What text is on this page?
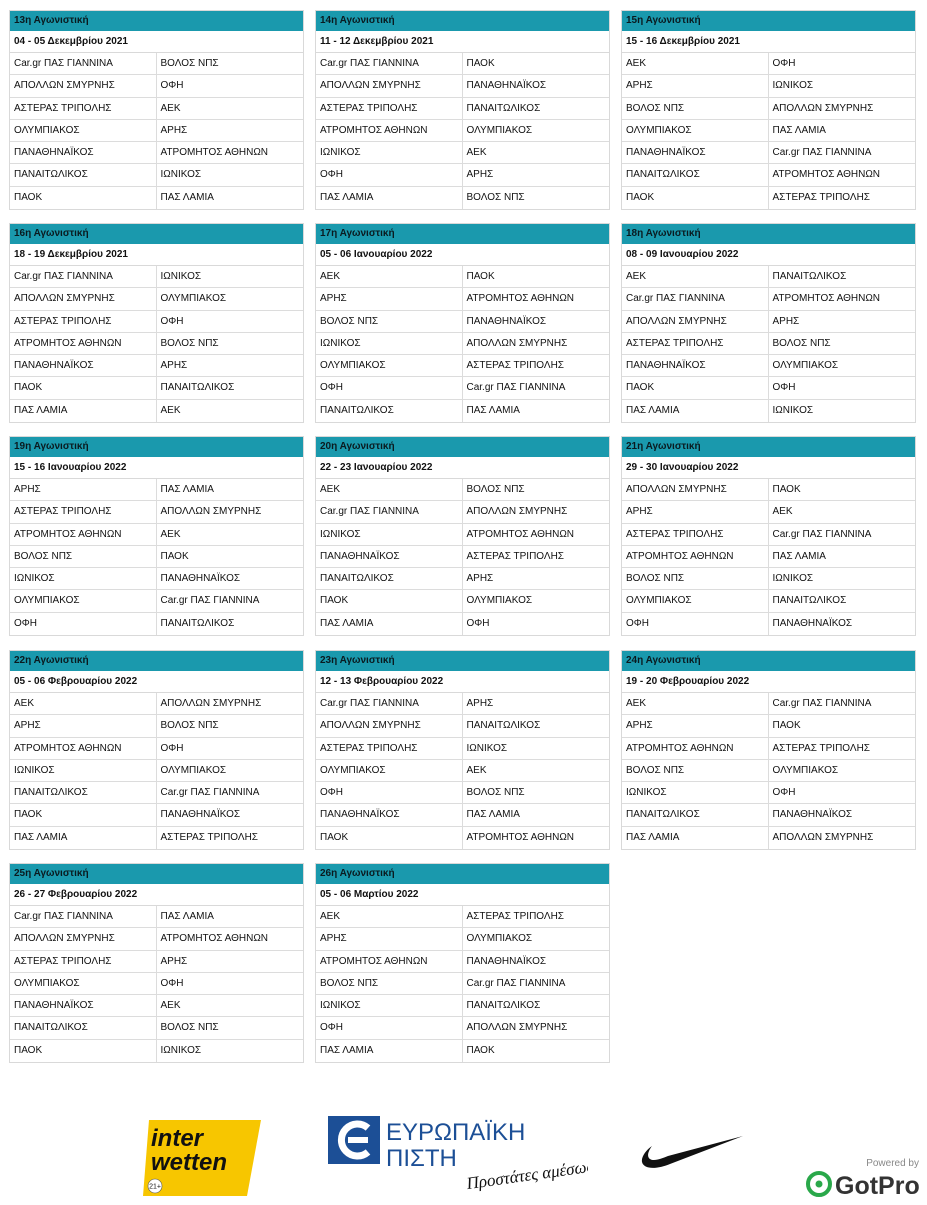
13η Αγωνιστική
04 - 05 Δεκεμβρίου 2021
Car.gr ΠΑΣ ΓΙΑΝΝΙΝΑ	ΒΟΛΟΣ ΝΠΣ
ΑΠΟΛΛΩΝ ΣΜΥΡΝΗΣ	ΟΦΗ
ΑΣΤΕΡΑΣ ΤΡΙΠΟΛΗΣ	ΑΕΚ
ΟΛΥΜΠΙΑΚΟΣ	ΑΡΗΣ
ΠΑΝΑΘΗΝΑΪΚΟΣ	ΑΤΡΟΜΗΤΟΣ ΑΘΗΝΩΝ
ΠΑΝΑΙΤΩΛΙΚΟΣ	ΙΩΝΙΚΟΣ
ΠΑΟΚ	ΠΑΣ ΛΑΜΙΑ
14η Αγωνιστική
11 - 12 Δεκεμβρίου 2021
Car.gr ΠΑΣ ΓΙΑΝΝΙΝΑ	ΠΑΟΚ
ΑΠΟΛΛΩΝ ΣΜΥΡΝΗΣ	ΠΑΝΑΘΗΝΑΪΚΟΣ
ΑΣΤΕΡΑΣ ΤΡΙΠΟΛΗΣ	ΠΑΝΑΙΤΩΛΙΚΟΣ
ΑΤΡΟΜΗΤΟΣ ΑΘΗΝΩΝ	ΟΛΥΜΠΙΑΚΟΣ
ΙΩΝΙΚΟΣ	ΑΕΚ
ΟΦΗ	ΑΡΗΣ
ΠΑΣ ΛΑΜΙΑ	ΒΟΛΟΣ ΝΠΣ
15η Αγωνιστική
15 - 16 Δεκεμβρίου 2021
ΑΕΚ	ΟΦΗ
ΑΡΗΣ	ΙΩΝΙΚΟΣ
ΒΟΛΟΣ ΝΠΣ	ΑΠΟΛΛΩΝ ΣΜΥΡΝΗΣ
ΟΛΥΜΠΙΑΚΟΣ	ΠΑΣ ΛΑΜΙΑ
ΠΑΝΑΘΗΝΑΪΚΟΣ	Car.gr ΠΑΣ ΓΙΑΝΝΙΝΑ
ΠΑΝΑΙΤΩΛΙΚΟΣ	ΑΤΡΟΜΗΤΟΣ ΑΘΗΝΩΝ
ΠΑΟΚ	ΑΣΤΕΡΑΣ ΤΡΙΠΟΛΗΣ
16η Αγωνιστική
18 - 19 Δεκεμβρίου 2021
Car.gr ΠΑΣ ΓΙΑΝΝΙΝΑ	ΙΩΝΙΚΟΣ
ΑΠΟΛΛΩΝ ΣΜΥΡΝΗΣ	ΟΛΥΜΠΙΑΚΟΣ
ΑΣΤΕΡΑΣ ΤΡΙΠΟΛΗΣ	ΟΦΗ
ΑΤΡΟΜΗΤΟΣ ΑΘΗΝΩΝ	ΒΟΛΟΣ ΝΠΣ
ΠΑΝΑΘΗΝΑΪΚΟΣ	ΑΡΗΣ
ΠΑΟΚ	ΠΑΝΑΙΤΩΛΙΚΟΣ
ΠΑΣ ΛΑΜΙΑ	ΑΕΚ
17η Αγωνιστική
05 - 06 Ιανουαρίου 2022
ΑΕΚ	ΠΑΟΚ
ΑΡΗΣ	ΑΤΡΟΜΗΤΟΣ ΑΘΗΝΩΝ
ΒΟΛΟΣ ΝΠΣ	ΠΑΝΑΘΗΝΑΪΚΟΣ
ΙΩΝΙΚΟΣ	ΑΠΟΛΛΩΝ ΣΜΥΡΝΗΣ
ΟΛΥΜΠΙΑΚΟΣ	ΑΣΤΕΡΑΣ ΤΡΙΠΟΛΗΣ
ΟΦΗ	Car.gr ΠΑΣ ΓΙΑΝΝΙΝΑ
ΠΑΝΑΙΤΩΛΙΚΟΣ	ΠΑΣ ΛΑΜΙΑ
18η Αγωνιστική
08 - 09 Ιανουαρίου 2022
ΑΕΚ	ΠΑΝΑΙΤΩΛΙΚΟΣ
Car.gr ΠΑΣ ΓΙΑΝΝΙΝΑ	ΑΤΡΟΜΗΤΟΣ ΑΘΗΝΩΝ
ΑΠΟΛΛΩΝ ΣΜΥΡΝΗΣ	ΑΡΗΣ
ΑΣΤΕΡΑΣ ΤΡΙΠΟΛΗΣ	ΒΟΛΟΣ ΝΠΣ
ΠΑΝΑΘΗΝΑΪΚΟΣ	ΟΛΥΜΠΙΑΚΟΣ
ΠΑΟΚ	ΟΦΗ
ΠΑΣ ΛΑΜΙΑ	ΙΩΝΙΚΟΣ
19η Αγωνιστική
15 - 16 Ιανουαρίου 2022
ΑΡΗΣ	ΠΑΣ ΛΑΜΙΑ
ΑΣΤΕΡΑΣ ΤΡΙΠΟΛΗΣ	ΑΠΟΛΛΩΝ ΣΜΥΡΝΗΣ
ΑΤΡΟΜΗΤΟΣ ΑΘΗΝΩΝ	ΑΕΚ
ΒΟΛΟΣ ΝΠΣ	ΠΑΟΚ
ΙΩΝΙΚΟΣ	ΠΑΝΑΘΗΝΑΪΚΟΣ
ΟΛΥΜΠΙΑΚΟΣ	Car.gr ΠΑΣ ΓΙΑΝΝΙΝΑ
ΟΦΗ	ΠΑΝΑΙΤΩΛΙΚΟΣ
20η Αγωνιστική
22 - 23 Ιανουαρίου 2022
ΑΕΚ	ΒΟΛΟΣ ΝΠΣ
Car.gr ΠΑΣ ΓΙΑΝΝΙΝΑ	ΑΠΟΛΛΩΝ ΣΜΥΡΝΗΣ
ΙΩΝΙΚΟΣ	ΑΤΡΟΜΗΤΟΣ ΑΘΗΝΩΝ
ΠΑΝΑΘΗΝΑΪΚΟΣ	ΑΣΤΕΡΑΣ ΤΡΙΠΟΛΗΣ
ΠΑΝΑΙΤΩΛΙΚΟΣ	ΑΡΗΣ
ΠΑΟΚ	ΟΛΥΜΠΙΑΚΟΣ
ΠΑΣ ΛΑΜΙΑ	ΟΦΗ
21η Αγωνιστική
29 - 30 Ιανουαρίου 2022
ΑΠΟΛΛΩΝ ΣΜΥΡΝΗΣ	ΠΑΟΚ
ΑΡΗΣ	ΑΕΚ
ΑΣΤΕΡΑΣ ΤΡΙΠΟΛΗΣ	Car.gr ΠΑΣ ΓΙΑΝΝΙΝΑ
ΑΤΡΟΜΗΤΟΣ ΑΘΗΝΩΝ	ΠΑΣ ΛΑΜΙΑ
ΒΟΛΟΣ ΝΠΣ	ΙΩΝΙΚΟΣ
ΟΛΥΜΠΙΑΚΟΣ	ΠΑΝΑΙΤΩΛΙΚΟΣ
ΟΦΗ	ΠΑΝΑΘΗΝΑΪΚΟΣ
22η Αγωνιστική
05 - 06 Φεβρουαρίου 2022
ΑΕΚ	ΑΠΟΛΛΩΝ ΣΜΥΡΝΗΣ
ΑΡΗΣ	ΒΟΛΟΣ ΝΠΣ
ΑΤΡΟΜΗΤΟΣ ΑΘΗΝΩΝ	ΟΦΗ
ΙΩΝΙΚΟΣ	ΟΛΥΜΠΙΑΚΟΣ
ΠΑΝΑΙΤΩΛΙΚΟΣ	Car.gr ΠΑΣ ΓΙΑΝΝΙΝΑ
ΠΑΟΚ	ΠΑΝΑΘΗΝΑΪΚΟΣ
ΠΑΣ ΛΑΜΙΑ	ΑΣΤΕΡΑΣ ΤΡΙΠΟΛΗΣ
23η Αγωνιστική
12 - 13 Φεβρουαρίου 2022
Car.gr ΠΑΣ ΓΙΑΝΝΙΝΑ	ΑΡΗΣ
ΑΠΟΛΛΩΝ ΣΜΥΡΝΗΣ	ΠΑΝΑΙΤΩΛΙΚΟΣ
ΑΣΤΕΡΑΣ ΤΡΙΠΟΛΗΣ	ΙΩΝΙΚΟΣ
ΟΛΥΜΠΙΑΚΟΣ	ΑΕΚ
ΟΦΗ	ΒΟΛΟΣ ΝΠΣ
ΠΑΝΑΘΗΝΑΪΚΟΣ	ΠΑΣ ΛΑΜΙΑ
ΠΑΟΚ	ΑΤΡΟΜΗΤΟΣ ΑΘΗΝΩΝ
24η Αγωνιστική
19 - 20 Φεβρουαρίου 2022
ΑΕΚ	Car.gr ΠΑΣ ΓΙΑΝΝΙΝΑ
ΑΡΗΣ	ΠΑΟΚ
ΑΤΡΟΜΗΤΟΣ ΑΘΗΝΩΝ	ΑΣΤΕΡΑΣ ΤΡΙΠΟΛΗΣ
ΒΟΛΟΣ ΝΠΣ	ΟΛΥΜΠΙΑΚΟΣ
ΙΩΝΙΚΟΣ	ΟΦΗ
ΠΑΝΑΙΤΩΛΙΚΟΣ	ΠΑΝΑΘΗΝΑΪΚΟΣ
ΠΑΣ ΛΑΜΙΑ	ΑΠΟΛΛΩΝ ΣΜΥΡΝΗΣ
25η Αγωνιστική
26 - 27 Φεβρουαρίου 2022
Car.gr ΠΑΣ ΓΙΑΝΝΙΝΑ	ΠΑΣ ΛΑΜΙΑ
ΑΠΟΛΛΩΝ ΣΜΥΡΝΗΣ	ΑΤΡΟΜΗΤΟΣ ΑΘΗΝΩΝ
ΑΣΤΕΡΑΣ ΤΡΙΠΟΛΗΣ	ΑΡΗΣ
ΟΛΥΜΠΙΑΚΟΣ	ΟΦΗ
ΠΑΝΑΘΗΝΑΪΚΟΣ	ΑΕΚ
ΠΑΝΑΙΤΩΛΙΚΟΣ	ΒΟΛΟΣ ΝΠΣ
ΠΑΟΚ	ΙΩΝΙΚΟΣ
26η Αγωνιστική
05 - 06 Μαρτίου 2022
ΑΕΚ	ΑΣΤΕΡΑΣ ΤΡΙΠΟΛΗΣ
ΑΡΗΣ	ΟΛΥΜΠΙΑΚΟΣ
ΑΤΡΟΜΗΤΟΣ ΑΘΗΝΩΝ	ΠΑΝΑΘΗΝΑΪΚΟΣ
ΒΟΛΟΣ ΝΠΣ	Car.gr ΠΑΣ ΓΙΑΝΝΙΝΑ
ΙΩΝΙΚΟΣ	ΠΑΝΑΙΤΩΛΙΚΟΣ
ΟΦΗ	ΑΠΟΛΛΩΝ ΣΜΥΡΝΗΣ
ΠΑΣ ΛΑΜΙΑ	ΠΑΟΚ
inter
wetten
21+
ΕΥΡΩΠΑΪΚΗ
ΠΙΣΤΗ Προστάτες αμέσως!	Powered by
GotPro
